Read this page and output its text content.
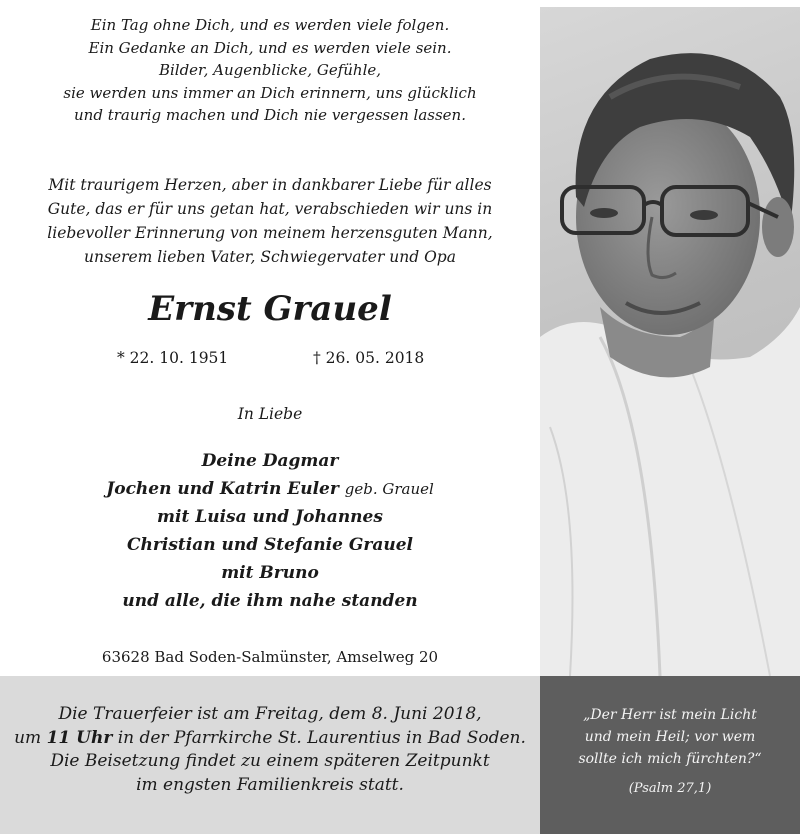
Ein Tag ohne Dich, und es werden viele folgen.
Ein Gedanke an Dich, und es werden viele sein.
Bilder, Augenblicke, Gefühle,
sie werden uns immer an Dich erinnern, uns glücklich
und traurig machen und Dich nie vergessen lassen.
Mit traurigem Herzen, aber in dankbarer Liebe für alles
Gute, das er für uns getan hat, verabschieden wir uns in
liebevoller Erinnerung von meinem herzensguten Mann,
unserem lieben Vater, Schwiegervater und Opa
Ernst Grauel
* 22. 10. 1951	† 26. 05. 2018
In Liebe
Deine Dagmar
Jochen und Katrin Euler geb. Grauel
mit Luisa und Johannes
Christian und Stefanie Grauel
mit Bruno
und alle, die ihm nahe standen
63628 Bad Soden-Salmünster, Amselweg 20
Die Trauerfeier ist am Freitag, dem 8. Juni 2018,
um 11 Uhr in der Pfarrkirche St. Laurentius in Bad Soden.
Die Beisetzung findet zu einem späteren Zeitpunkt
im engsten Familienkreis statt.
„Der Herr ist mein Licht
und mein Heil; vor wem
sollte ich mich fürchten?“
(Psalm 27,1)
